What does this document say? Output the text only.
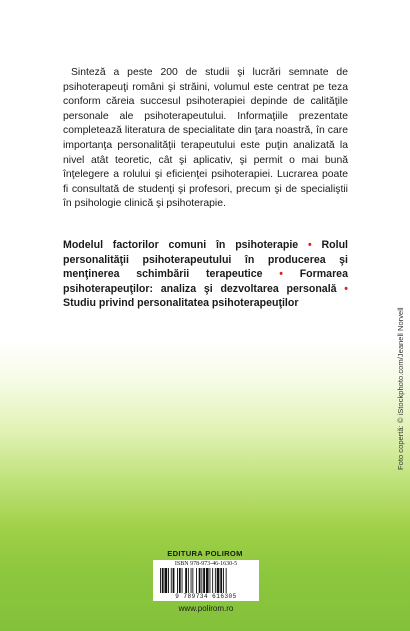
Sinteză a peste 200 de studii şi lucrări semnate de psihoterapeuţi români şi străini, volumul este centrat pe teza conform căreia succesul psihoterapiei depinde de calităţile personale ale psihoterapeutului. Informaţiile prezentate completează literatura de specialitate din ţara noastră, în care importanţa personalităţii terapeutului este puţin analizată la nivel atât teoretic, cât şi aplicativ, şi permit o mai bună înţelegere a rolului şi eficienţei psihoterapiei. Lucrarea poate fi consultată de studenţi şi profesori, precum şi de specialiştii în psihologie clinică şi psihoterapie.
Modelul factorilor comuni în psihoterapie • Rolul personalităţii psihoterapeutului în producerea şi menţinerea schimbării terapeutice • Formarea psihoterapeuţilor: analiza şi dezvoltarea personală • Studiu privind personalitatea psihoterapeuţilor
Foto copertă: © iStockphoto.com/Jeanell Norvell
EDITURA POLIROM
ISBN 978-973-46-1630-5
9 789734 616305
www.polirom.ro
